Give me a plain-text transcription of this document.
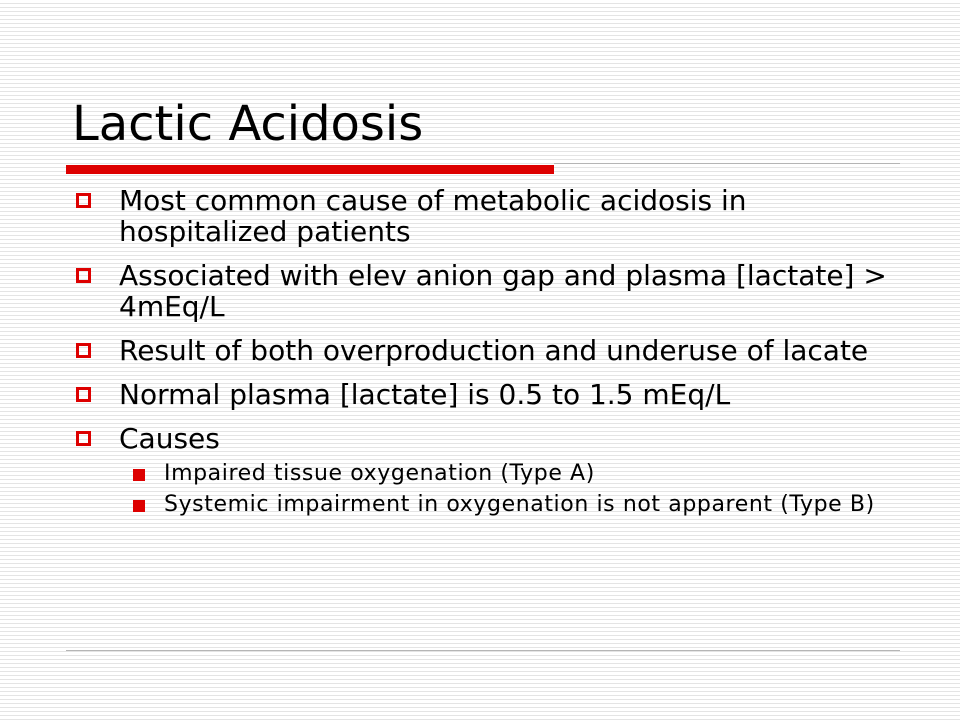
Lactic Acidosis
Most common cause of metabolic acidosis in hospitalized patients
Associated with elev anion gap and plasma [lactate] > 4mEq/L
Result of both overproduction and underuse of lacate
Normal plasma [lactate] is 0.5 to 1.5 mEq/L
Causes
Impaired tissue oxygenation (Type A)
Systemic impairment in oxygenation is not apparent (Type B)
